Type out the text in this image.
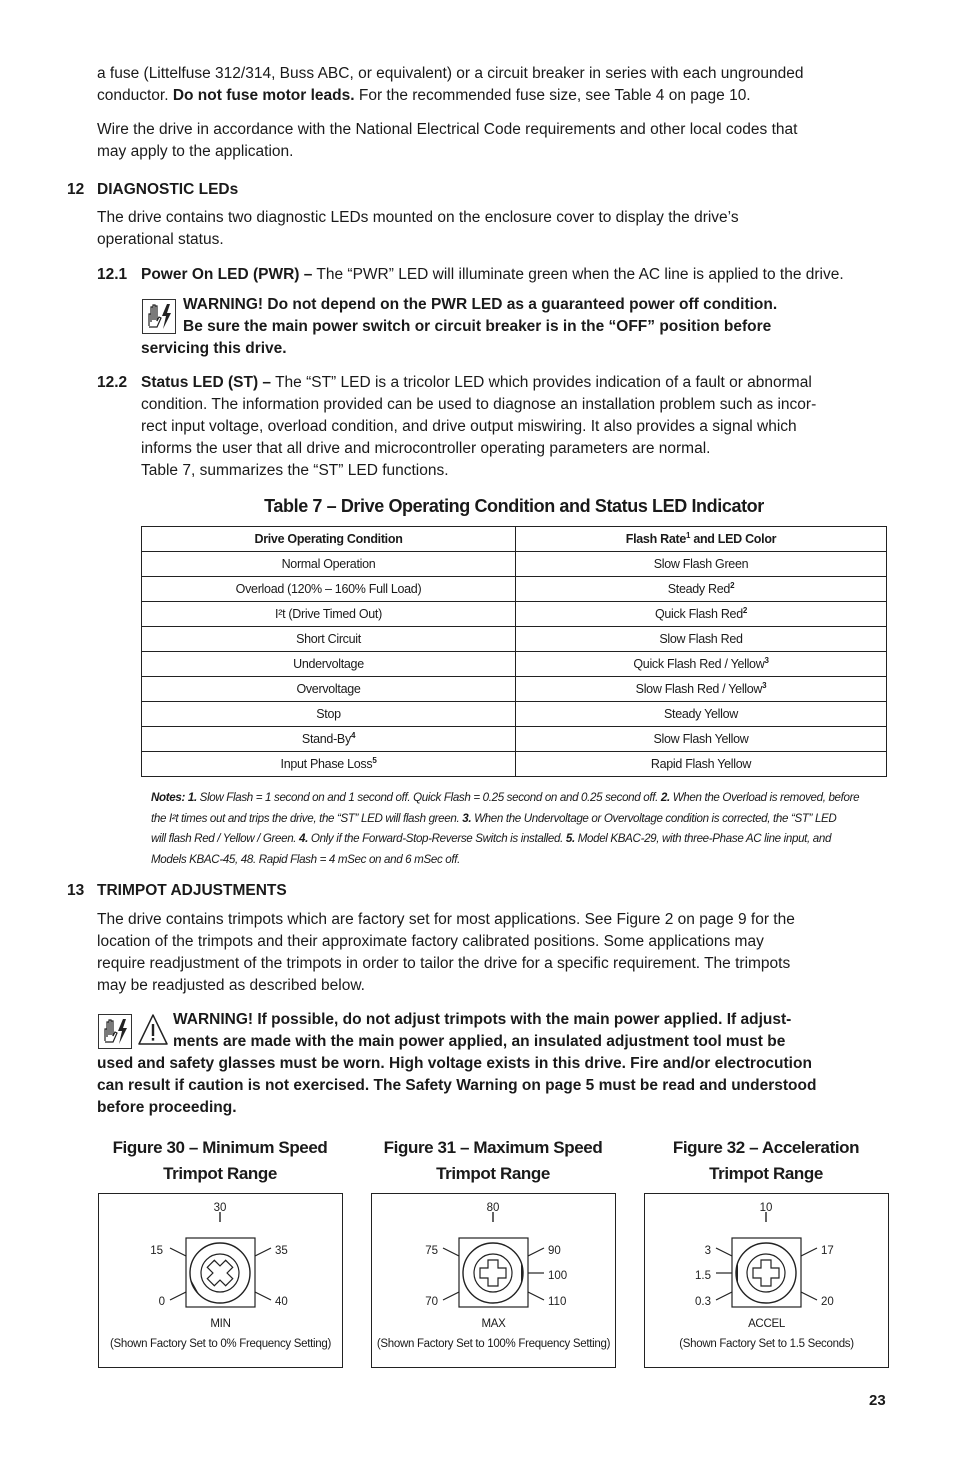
a fuse (Littelfuse 312/314, Buss ABC, or equivalent) or a circuit breaker in series with each ungrounded
conductor. Do not fuse motor leads. For the recommended fuse size, see Table 4 on page 10.
Wire the drive in accordance with the National Electrical Code requirements and other local codes that
may apply to the application.
12 DIAGNOSTIC LEDs
The drive contains two diagnostic LEDs mounted on the enclosure cover to display the drive’s
operational status.
12.1 Power On LED (PWR) – The “PWR” LED will illuminate green when the AC line is applied to the drive.
WARNING! Do not depend on the PWR LED as a guaranteed power off condition.
Be sure the main power switch or circuit breaker is in the “OFF” position before
servicing this drive.
12.2 Status LED (ST) – The “ST” LED is a tricolor LED which provides indication of a fault or abnormal
condition. The information provided can be used to diagnose an installation problem such as incor-
rect input voltage, overload condition, and drive output miswiring. It also provides a signal which
informs the user that all drive and microcontroller operating parameters are normal.
Table 7, summarizes the “ST” LED functions.
Table 7 – Drive Operating Condition and Status LED Indicator
Drive Operating Condition	Flash Rate$^1$ and LED Color
Normal Operation	Slow Flash Green
Overload (120% – 160% Full Load)	Steady Red$^2$
I²t (Drive Timed Out)	Quick Flash Red$^2$
Short Circuit	Slow Flash Red
Undervoltage	Quick Flash Red / Yellow$^3$
Overvoltage	Slow Flash Red / Yellow$^3$
Stop	Steady Yellow
Stand-By$^4$	Slow Flash Yellow
Input Phase Loss$^5$	Rapid Flash Yellow
Notes: 1. Slow Flash = 1 second on and 1 second off. Quick Flash = 0.25 second on and 0.25 second off. 2. When the Overload is removed, before
the I²t times out and trips the drive, the “ST” LED will flash green. 3. When the Undervoltage or Overvoltage condition is corrected, the “ST” LED
will flash Red / Yellow / Green. 4. Only if the Forward-Stop-Reverse Switch is installed. 5. Model KBAC-29, with three-Phase AC line input, and
Models KBAC-45, 48. Rapid Flash = 4 mSec on and 6 mSec off.
13 TRIMPOT ADJUSTMENTS
The drive contains trimpots which are factory set for most applications. See Figure 2 on page 9 for the
location of the trimpots and their approximate factory calibrated positions. Some applications may
require readjustment of the trimpots in order to tailor the drive for a specific requirement. The trimpots
may be readjusted as described below.
WARNING! If possible, do not adjust trimpots with the main power applied. If adjust-
ments are made with the main power applied, an insulated adjustment tool must be
used and safety glasses must be worn. High voltage exists in this drive. Fire and/or electrocution
can result if caution is not exercised. The Safety Warning on page 5 must be read and understood
before proceeding.
Figure 30 – Minimum Speed
Trimpot Range
30
15	35
0	40
MIN
(Shown Factory Set to 0% Frequency Setting)
Figure 31 – Maximum Speed
Trimpot Range
80
75	90
100
70	110
MAX
(Shown Factory Set to 100% Frequency Setting)
Figure 32 – Acceleration
Trimpot Range
10
3
1.5
17
0.3	20
ACCEL
(Shown Factory Set to 1.5 Seconds)
23
